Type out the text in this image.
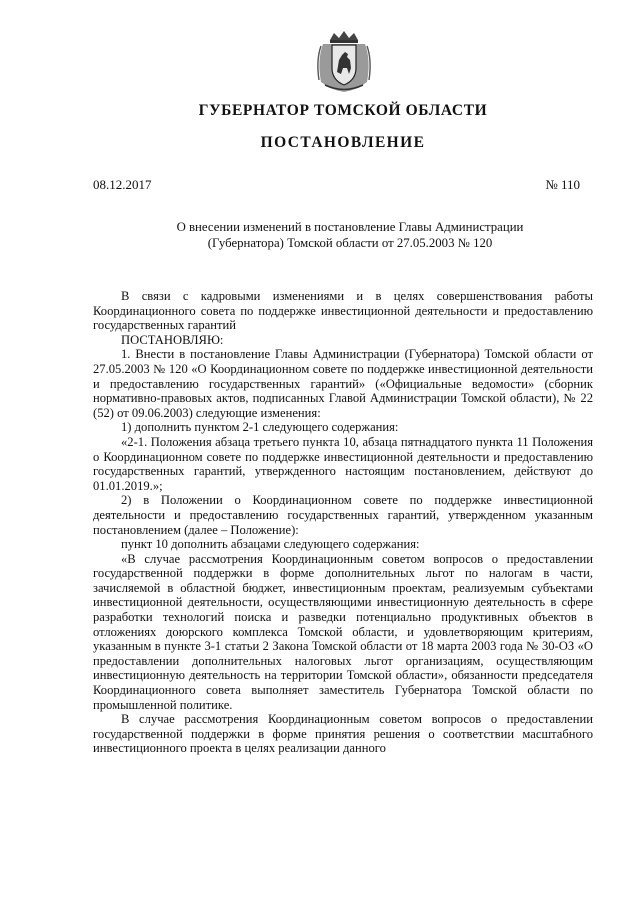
ГУБЕРНАТОР ТОМСКОЙ ОБЛАСТИ
ПОСТАНОВЛЕНИЕ
08.12.2017	№ 110
О внесении изменений в постановление Главы Администрации (Губернатора) Томской области от 27.05.2003 № 120

В связи с кадровыми изменениями и в целях совершенствования работы Координационного совета по поддержке инвестиционной деятельности и предоставлению государственных гарантий

ПОСТАНОВЛЯЮ:

1. Внести в постановление Главы Администрации (Губернатора) Томской области от 27.05.2003 № 120 «О Координационном совете по поддержке инвестиционной деятельности и предоставлению государственных гарантий» («Официальные ведомости» (сборник нормативно-правовых актов, подписанных Главой Администрации Томской области), № 22 (52) от 09.06.2003) следующие изменения:

1) дополнить пунктом 2-1 следующего содержания:

«2-1. Положения абзаца третьего пункта 10, абзаца пятнадцатого пункта 11 Положения о Координационном совете по поддержке инвестиционной деятельности и предоставлению государственных гарантий, утвержденного настоящим постановлением, действуют до 01.01.2019.»;

2) в Положении о Координационном совете по поддержке инвестиционной деятельности и предоставлению государственных гарантий, утвержденном указанным постановлением (далее – Положение):

пункт 10 дополнить абзацами следующего содержания:

«В случае рассмотрения Координационным советом вопросов о предоставлении государственной поддержки в форме дополнительных льгот по налогам в части, зачисляемой в областной бюджет, инвестиционным проектам, реализуемым субъектами инвестиционной деятельности, осуществляющими инвестиционную деятельность в сфере разработки технологий поиска и разведки потенциально продуктивных объектов в отложениях доюрского комплекса Томской области, и удовлетворяющим критериям, указанным в пункте 3-1 статьи 2 Закона Томской области от 18 марта 2003 года № 30-ОЗ «О предоставлении дополнительных налоговых льгот организациям, осуществляющим инвестиционную деятельность на территории Томской области», обязанности председателя Координационного совета выполняет заместитель Губернатора Томской области по промышленной политике.

В случае рассмотрения Координационным советом вопросов о предоставлении государственной поддержки в форме принятия решения о соответствии масштабного инвестиционного проекта в целях реализации данного
